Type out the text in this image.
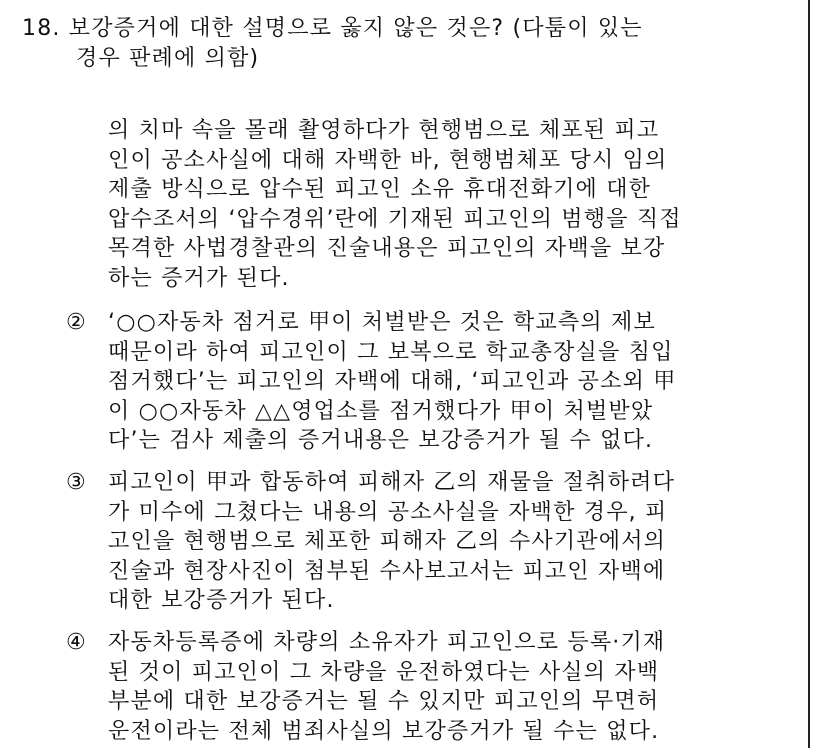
18. 보강증거에 대한 설명으로 옳지 않은 것은? (다툼이 있는
경우 판례에 의함)
의 치마 속을 몰래 촬영하다가 현행범으로 체포된 피고
인이 공소사실에 대해 자백한 바, 현행범체포 당시 임의
제출 방식으로 압수된 피고인 소유 휴대전화기에 대한
압수조서의 ‘압수경위’란에 기재된 피고인의 범행을 직접
목격한 사법경찰관의 진술내용은 피고인의 자백을 보강
하는 증거가 된다.
② ‘○○자동차 점거로 甲이 처벌받은 것은 학교측의 제보
때문이라 하여 피고인이 그 보복으로 학교총장실을 침입
점거했다’는 피고인의 자백에 대해, ‘피고인과 공소외 甲
이 ○○자동차 △△영업소를 점거했다가 甲이 처벌받았
다’는 검사 제출의 증거내용은 보강증거가 될 수 없다.
③ 피고인이 甲과 합동하여 피해자 乙의 재물을 절취하려다
가 미수에 그쳤다는 내용의 공소사실을 자백한 경우, 피
고인을 현행범으로 체포한 피해자 乙의 수사기관에서의
진술과 현장사진이 첨부된 수사보고서는 피고인 자백에
대한 보강증거가 된다.
④ 자동차등록증에 차량의 소유자가 피고인으로 등록·기재
된 것이 피고인이 그 차량을 운전하였다는 사실의 자백
부분에 대한 보강증거는 될 수 있지만 피고인의 무면허
운전이라는 전체 범죄사실의 보강증거가 될 수는 없다.
